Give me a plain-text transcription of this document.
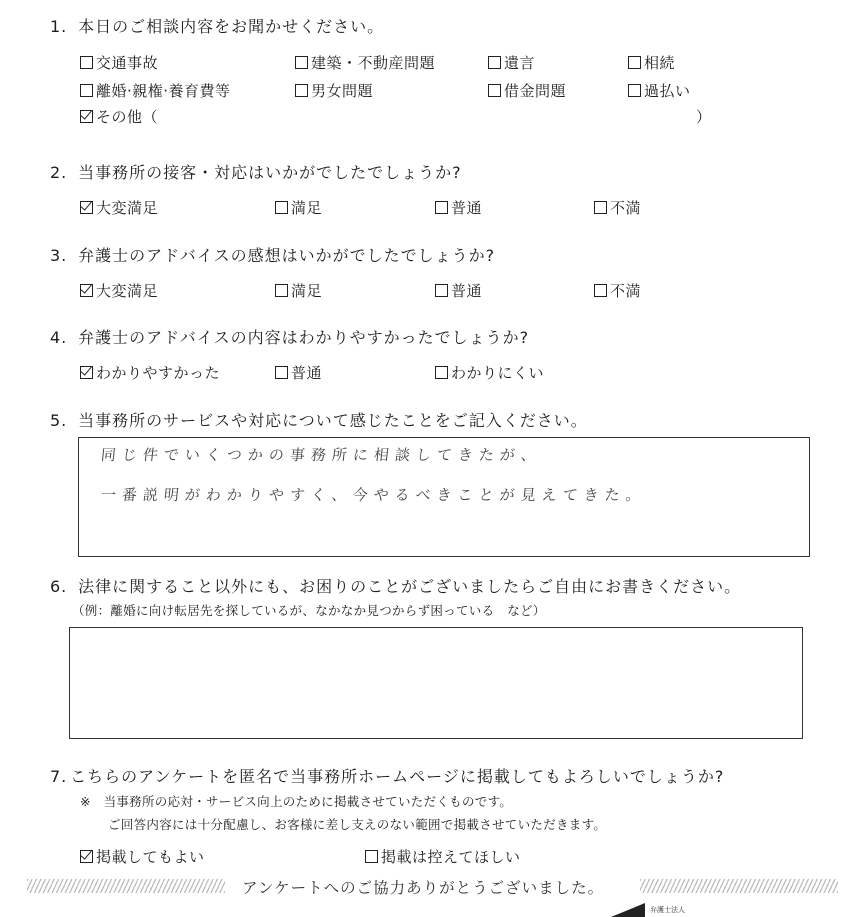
1. 本日のご相談内容をお聞かせください。
交通事故	建築・不動産問題	遺言	相続
離婚·親権·養育費等	男女問題	借金問題	過払い
その他（	）
2. 当事務所の接客・対応はいかがでしたでしょうか?
大変満足	満足	普通	不満
3. 弁護士のアドバイスの感想はいかがでしたでしょうか?
大変満足	満足	普通	不満
4. 弁護士のアドバイスの内容はわかりやすかったでしょうか?
わかりやすかった	普通	わかりにくい
5. 当事務所のサービスや対応について感じたことをご記入ください。
同じ件でいくつかの事務所に相談してきたが、
一番説明がわかりやすく、今やるべきことが見えてきた。
6. 法律に関すること以外にも、お困りのことがございましたらご自由にお書きください。
（例：離婚に向け転居先を探しているが、なかなか見つからず困っている　など）
7. こちらのアンケートを匿名で当事務所ホームページに掲載してもよろしいでしょうか?
※　当事務所の応対・サービス向上のために掲載させていただくものです。
ご回答内容には十分配慮し、お客様に差し支えのない範囲で掲載させていただきます。
掲載してもよい	掲載は控えてほしい
アンケートへのご協力ありがとうございました。
弁護士法人
